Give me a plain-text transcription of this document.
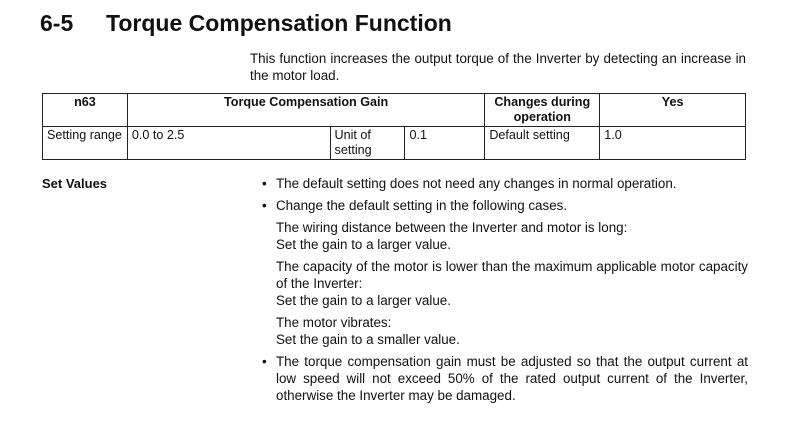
6-5 Torque Compensation Function

This function increases the output torque of the Inverter by detecting an increase in the motor load.

n63	Torque Compensation Gain			Changes during operation	Yes
Setting range	0.0 to 2.5	Unit of setting	0.1	Default setting	1.0

Set Values	• The default setting does not need any changes in normal operation.

• Change the default setting in the following cases.

The wiring distance between the Inverter and motor is long:

Set the gain to a larger value.

The capacity of the motor is lower than the maximum applicable motor capacity of the Inverter:

Set the gain to a larger value.

The motor vibrates:

Set the gain to a smaller value.

• The torque compensation gain must be adjusted so that the output current at low speed will not exceed 50% of the rated output current of the Inverter, otherwise the Inverter may be damaged.
